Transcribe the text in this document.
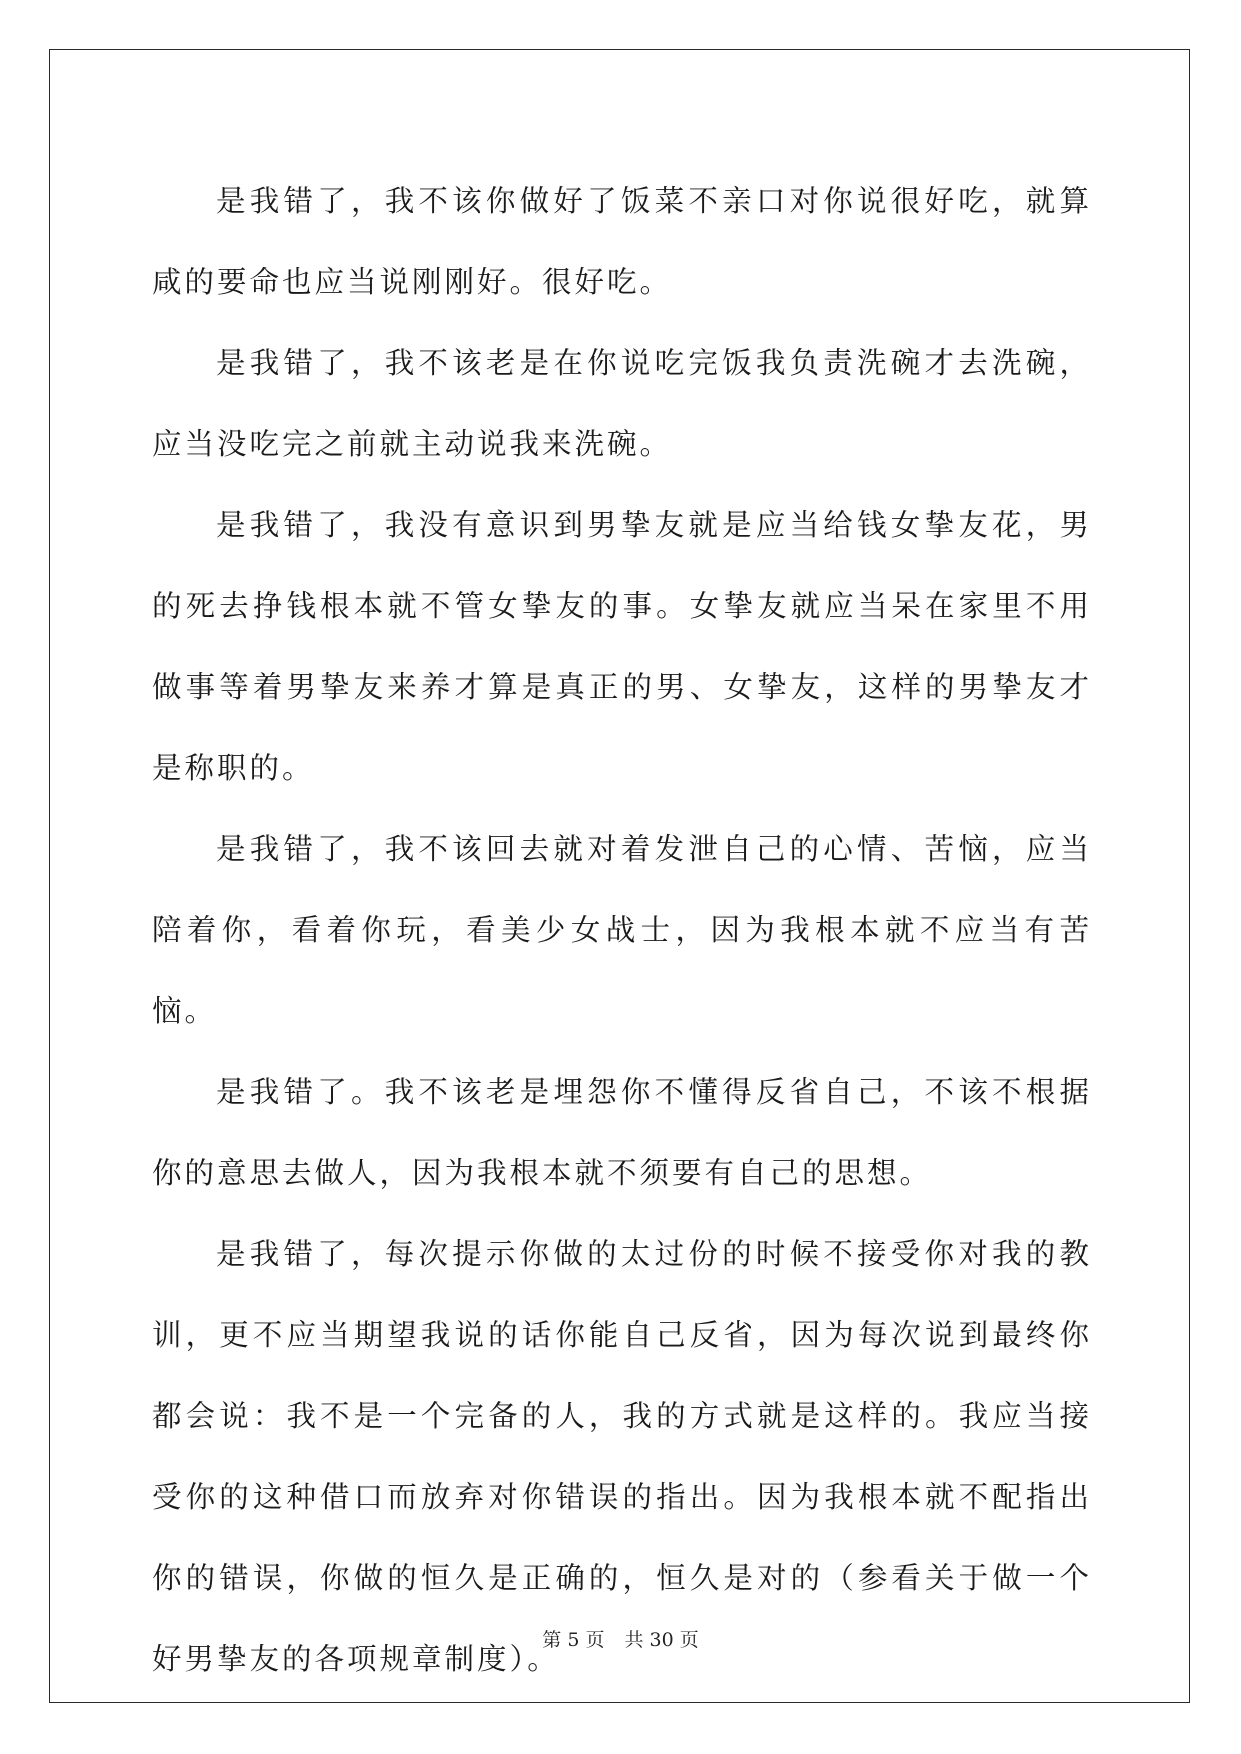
是我错了，我不该你做好了饭菜不亲口对你说很好吃，就算咸的要命也应当说刚刚好。很好吃。

是我错了，我不该老是在你说吃完饭我负责洗碗才去洗碗，应当没吃完之前就主动说我来洗碗。

是我错了，我没有意识到男挚友就是应当给钱女挚友花，男的死去挣钱根本就不管女挚友的事。女挚友就应当呆在家里不用做事等着男挚友来养才算是真正的男、女挚友，这样的男挚友才是称职的。

是我错了，我不该回去就对着发泄自己的心情、苦恼，应当陪着你，看着你玩，看美少女战士，因为我根本就不应当有苦恼。

是我错了。我不该老是埋怨你不懂得反省自己，不该不根据你的意思去做人，因为我根本就不须要有自己的思想。

是我错了，每次提示你做的太过份的时候不接受你对我的教训，更不应当期望我说的话你能自己反省，因为每次说到最终你都会说：我不是一个完备的人，我的方式就是这样的。我应当接受你的这种借口而放弃对你错误的指出。因为我根本就不配指出你的错误，你做的恒久是正确的，恒久是对的（参看关于做一个好男挚友的各项规章制度）。

第 5 页 共 30 页
